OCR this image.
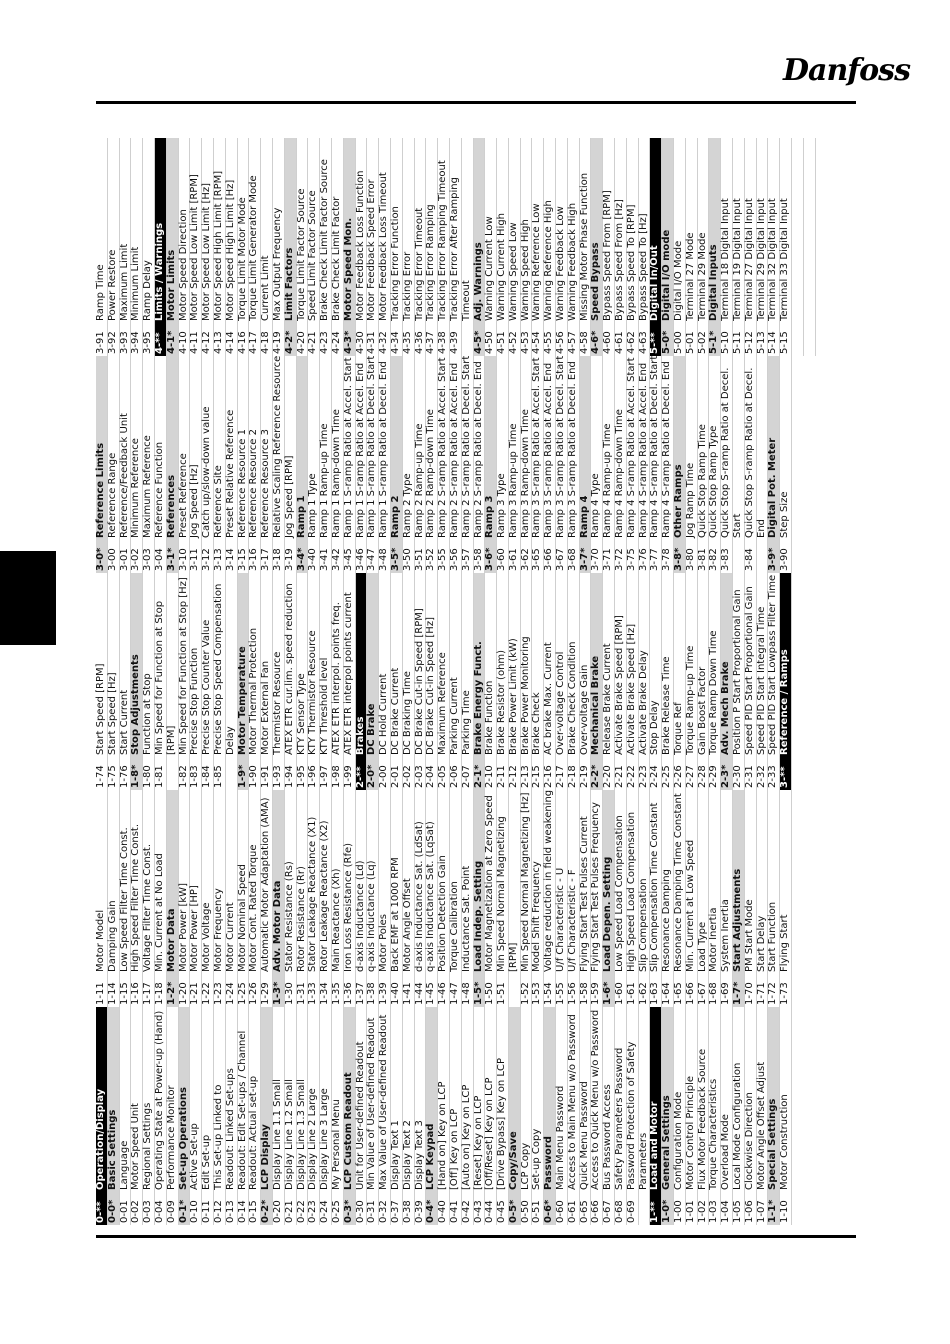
Danfoss
0-**
Operation/Display
0-0*
Basic Settings
0-01
Language
0-02
Motor Speed Unit
0-03
Regional Settings
0-04
Operating State at Power-up (Hand)
0-09
Performance Monitor
0-1*
Set-up Operations
0-10
Active Set-up
0-11
Edit Set-up
0-12
This Set-up Linked to
0-13
Readout: Linked Set-ups
0-14
Readout: Edit Set-ups / Channel
0-15
Readout: Actual set-up
0-2*
LCP Display
0-20
Display Line 1.1 Small
0-21
Display Line 1.2 Small
0-22
Display Line 1.3 Small
0-23
Display Line 2 Large
0-24
Display Line 3 Large
0-25
My Personal Menu
0-3*
LCP Custom Readout
0-30
Unit for User-defined Readout
0-31
Min Value of User-defined Readout
0-32
Max Value of User-defined Readout
0-37
Display Text 1
0-38
Display Text 2
0-39
Display Text 3
0-4*
LCP Keypad
0-40
[Hand on] Key on LCP
0-41
[Off] Key on LCP
0-42
[Auto on] Key on LCP
0-43
[Reset] Key on LCP
0-44
[Off/Reset] Key on LCP
0-45
[Drive Bypass] Key on LCP
0-5*
Copy/Save
0-50
LCP Copy
0-51
Set-up Copy
0-6*
Password
0-60
Main Menu Password
0-61
Access to Main Menu w/o Password
0-65
Quick Menu Password
0-66
Access to Quick Menu w/o Password
0-67
Bus Password Access
0-68
Safety Parameters Password
0-69
Password Protection of Safety Parameters
1-**
Load and Motor
1-0*
General Settings
1-00
Configuration Mode
1-01
Motor Control Principle
1-02
Flux Motor Feedback Source
1-03
Torque Characteristics
1-04
Overload Mode
1-05
Local Mode Configuration
1-06
Clockwise Direction
1-07
Motor Angle Offset Adjust
1-1*
Special Settings
1-10
Motor Construction
1-11
Motor Model
1-14
Damping Gain
1-15
Low Speed Filter Time Const.
1-16
High Speed Filter Time Const.
1-17
Voltage Filter Time Const.
1-18
Min. Current at No Load
1-2*
Motor Data
1-20
Motor Power [kW]
1-21
Motor Power [HP]
1-22
Motor Voltage
1-23
Motor Frequency
1-24
Motor Current
1-25
Motor Nominal Speed
1-26
Motor Cont. Rated Torque
1-29
Automatic Motor Adaptation (AMA)
1-3*
Adv. Motor Data
1-30
Stator Resistance (Rs)
1-31
Rotor Resistance (Rr)
1-33
Stator Leakage Reactance (X1)
1-34
Rotor Leakage Reactance (X2)
1-35
Main Reactance (Xh)
1-36
Iron Loss Resistance (Rfe)
1-37
d-axis Inductance (Ld)
1-38
q-axis Inductance (Lq)
1-39
Motor Poles
1-40
Back EMF at 1000 RPM
1-41
Motor Angle Offset
1-44
d-axis Inductance Sat. (LdSat)
1-45
q-axis Inductance Sat. (LqSat)
1-46
Position Detection Gain
1-47
Torque Calibration
1-48
Inductance Sat. Point
1-5*
Load Indep. Setting
1-50
Motor Magnetization at Zero Speed
1-51
Min Speed Normal Magnetizing [RPM]
1-52
Min Speed Normal Magnetizing [Hz]
1-53
Model Shift Frequency
1-54
Voltage reduction in field weakening
1-55
U/f Characteristic - U
1-56
U/f Characteristic - F
1-58
Flying Start Test Pulses Current
1-59
Flying Start Test Pulses Frequency
1-6*
Load Depen. Setting
1-60
Low Speed Load Compensation
1-61
High Speed Load Compensation
1-62
Slip Compensation
1-63
Slip Compensation Time Constant
1-64
Resonance Damping
1-65
Resonance Damping Time Constant
1-66
Min. Current at Low Speed
1-67
Load Type
1-68
Motor Inertia
1-69
System Inertia
1-7*
Start Adjustments
1-70
PM Start Mode
1-71
Start Delay
1-72
Start Function
1-73
Flying Start
1-74
Start Speed [RPM]
1-75
Start Speed [Hz]
1-76
Start Current
1-8*
Stop Adjustments
1-80
Function at Stop
1-81
Min Speed for Function at Stop [RPM]
1-82
Min Speed for Function at Stop [Hz]
1-83
Precise Stop Function
1-84
Precise Stop Counter Value
1-85
Precise Stop Speed Compensation Delay
1-9*
Motor Temperature
1-90
Motor Thermal Protection
1-91
Motor External Fan
1-93
Thermistor Resource
1-94
ATEX ETR cur.lim. speed reduction
1-95
KTY Sensor Type
1-96
KTY Thermistor Resource
1-97
KTY Threshold level
1-98
ATEX ETR interpol. points freq.
1-99
ATEX ETR interpol points current
2-**
Brakes
2-0*
DC Brake
2-00
DC Hold Current
2-01
DC Brake Current
2-02
DC Braking Time
2-03
DC Brake Cut-in Speed [RPM]
2-04
DC Brake Cut-in Speed [Hz]
2-05
Maximum Reference
2-06
Parking Current
2-07
Parking Time
2-1*
Brake Energy Funct.
2-10
Brake Function
2-11
Brake Resistor (ohm)
2-12
Brake Power Limit (kW)
2-13
Brake Power Monitoring
2-15
Brake Check
2-16
AC brake Max. Current
2-17
Over-voltage Control
2-18
Brake Check Condition
2-19
Over-voltage Gain
2-2*
Mechanical Brake
2-20
Release Brake Current
2-21
Activate Brake Speed [RPM]
2-22
Activate Brake Speed [Hz]
2-23
Activate Brake Delay
2-24
Stop Delay
2-25
Brake Release Time
2-26
Torque Ref
2-27
Torque Ramp-up Time
2-28
Gain Boost Factor
2-29
Torque Ramp Down Time
2-3*
Adv. Mech Brake
2-30
Position P Start Proportional Gain
2-31
Speed PID Start Proportional Gain
2-32
Speed PID Start Integral Time
2-33
Speed PID Start Lowpass Filter Time
3-**
Reference / Ramps
3-0*
Reference Limits
3-00
Reference Range
3-01
Reference/Feedback Unit
3-02
Minimum Reference
3-03
Maximum Reference
3-04
Reference Function
3-1*
References
3-10
Preset Reference
3-11
Jog Speed [Hz]
3-12
Catch up/slow-down value
3-13
Reference Site
3-14
Preset Relative Reference
3-15
Reference Resource 1
3-16
Reference Resource 2
3-17
Reference Resource 3
3-18
Relative Scaling Reference Resource
3-19
Jog Speed [RPM]
3-4*
Ramp 1
3-40
Ramp 1 Type
3-41
Ramp 1 Ramp-up Time
3-42
Ramp 1 Ramp-down Time
3-45
Ramp 1 S-ramp Ratio at Accel. Start
3-46
Ramp 1 S-ramp Ratio at Accel. End
3-47
Ramp 1 S-ramp Ratio at Decel. Start
3-48
Ramp 1 S-ramp Ratio at Decel. End
3-5*
Ramp 2
3-50
Ramp 2 Type
3-51
Ramp 2 Ramp-up Time
3-52
Ramp 2 Ramp-down Time
3-55
Ramp 2 S-ramp Ratio at Accel. Start
3-56
Ramp 2 S-ramp Ratio at Accel. End
3-57
Ramp 2 S-ramp Ratio at Decel. Start
3-58
Ramp 2 S-ramp Ratio at Decel. End
3-6*
Ramp 3
3-60
Ramp 3 Type
3-61
Ramp 3 Ramp-up Time
3-62
Ramp 3 Ramp-down Time
3-65
Ramp 3 S-ramp Ratio at Accel. Start
3-66
Ramp 3 S-ramp Ratio at Accel. End
3-67
Ramp 3 S-ramp Ratio at Decel. Start
3-68
Ramp 3 S-ramp Ratio at Decel. End
3-7*
Ramp 4
3-70
Ramp 4 Type
3-71
Ramp 4 Ramp-up Time
3-72
Ramp 4 Ramp-down Time
3-75
Ramp 4 S-ramp Ratio at Accel. Start
3-76
Ramp 4 S-ramp Ratio at Accel. End
3-77
Ramp 4 S-ramp Ratio at Decel. Start
3-78
Ramp 4 S-ramp Ratio at Decel. End
3-8*
Other Ramps
3-80
Jog Ramp Time
3-81
Quick Stop Ramp Time
3-82
Quick Stop Ramp Type
3-83
Quick Stop S-ramp Ratio at Decel. Start
3-84
Quick Stop S-ramp Ratio at Decel. End
3-9*
Digital Pot. Meter
3-90
Step Size
3-91
Ramp Time
3-92
Power Restore
3-93
Maximum Limit
3-94
Minimum Limit
3-95
Ramp Delay
4-**
Limits / Warnings
4-1*
Motor Limits
4-10
Motor Speed Direction
4-11
Motor Speed Low Limit [RPM]
4-12
Motor Speed Low Limit [Hz]
4-13
Motor Speed High Limit [RPM]
4-14
Motor Speed High Limit [Hz]
4-16
Torque Limit Motor Mode
4-17
Torque Limit Generator Mode
4-18
Current Limit
4-19
Max Output Frequency
4-2*
Limit Factors
4-20
Torque Limit Factor Source
4-21
Speed Limit Factor Source
4-23
Brake Check Limit Factor Source
4-24
Brake Check Limit Factor
4-3*
Motor Speed Mon.
4-30
Motor Feedback Loss Function
4-31
Motor Feedback Speed Error
4-32
Motor Feedback Loss Timeout
4-34
Tracking Error Function
4-35
Tracking Error
4-36
Tracking Error Timeout
4-37
Tracking Error Ramping
4-38
Tracking Error Ramping Timeout
4-39
Tracking Error After Ramping Timeout
4-5*
Adj. Warnings
4-50
Warning Current Low
4-51
Warning Current High
4-52
Warning Speed Low
4-53
Warning Speed High
4-54
Warning Reference Low
4-55
Warning Reference High
4-56
Warning Feedback Low
4-57
Warning Feedback High
4-58
Missing Motor Phase Function
4-6*
Speed Bypass
4-60
Bypass Speed From [RPM]
4-61
Bypass Speed From [Hz]
4-62
Bypass Speed To [RPM]
4-63
Bypass Speed To [Hz]
5-**
Digital In/Out
5-0*
Digital I/O mode
5-00
Digital I/O Mode
5-01
Terminal 27 Mode
5-02
Terminal 29 Mode
5-1*
Digital Inputs
5-10
Terminal 18 Digital Input
5-11
Terminal 19 Digital Input
5-12
Terminal 27 Digital Input
5-13
Terminal 29 Digital Input
5-14
Terminal 32 Digital Input
5-15
Terminal 33 Digital Input
